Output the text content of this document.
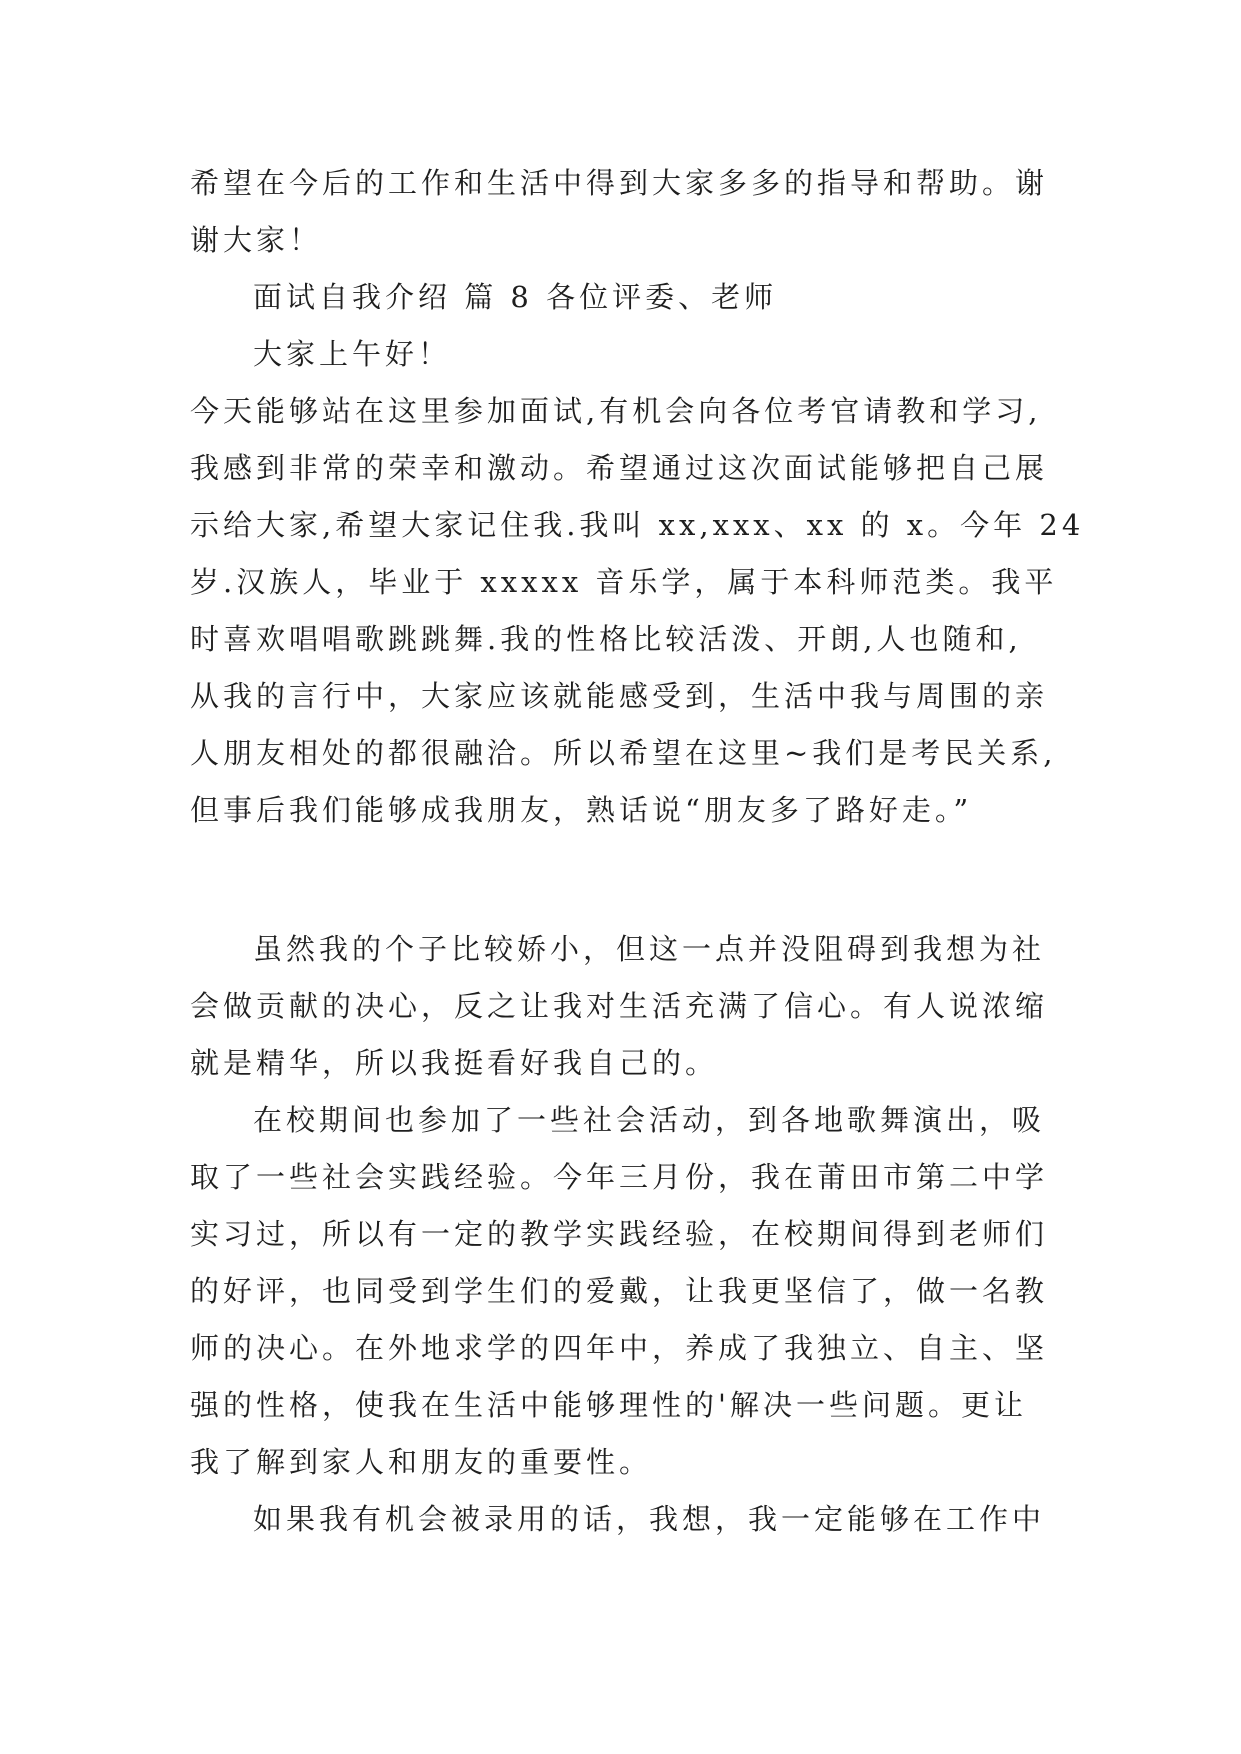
希望在今后的工作和生活中得到大家多多的指导和帮助。谢
谢大家！
面试自我介绍 篇 8 各位评委、老师
大家上午好！
今天能够站在这里参加面试,有机会向各位考官请教和学习,
我感到非常的荣幸和激动。希望通过这次面试能够把自己展
示给大家,希望大家记住我.我叫 xx,xxx、xx 的 x。今年 24
岁.汉族人，毕业于 xxxxx 音乐学，属于本科师范类。我平
时喜欢唱唱歌跳跳舞.我的性格比较活泼、开朗,人也随和,
从我的言行中，大家应该就能感受到，生活中我与周围的亲
人朋友相处的都很融洽。所以希望在这里~我们是考民关系,
但事后我们能够成我朋友，熟话说“朋友多了路好走。”
虽然我的个子比较娇小，但这一点并没阻碍到我想为社
会做贡献的决心，反之让我对生活充满了信心。有人说浓缩
就是精华，所以我挺看好我自己的。
在校期间也参加了一些社会活动，到各地歌舞演出，吸
取了一些社会实践经验。今年三月份，我在莆田市第二中学
实习过，所以有一定的教学实践经验，在校期间得到老师们
的好评，也同受到学生们的爱戴，让我更坚信了，做一名教
师的决心。在外地求学的四年中，养成了我独立、自主、坚
强的性格，使我在生活中能够理性的'解决一些问题。更让
我了解到家人和朋友的重要性。
如果我有机会被录用的话，我想，我一定能够在工作中
